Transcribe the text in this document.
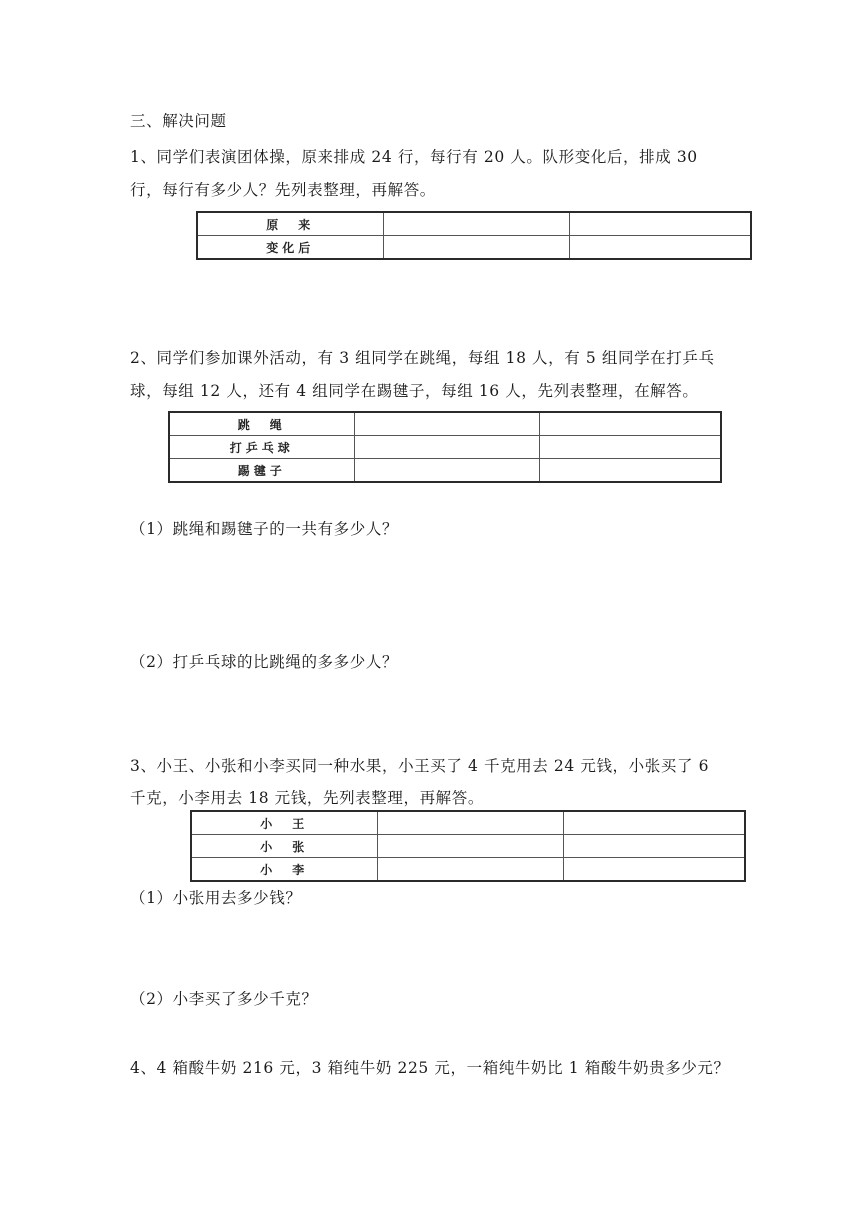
三、解决问题

1、同学们表演团体操，原来排成 24 行，每行有 20 人。队形变化后，排成 30

行，每行有多少人？先列表整理，再解答。

原　来		
变化后		

2、同学们参加课外活动，有 3 组同学在跳绳，每组 18 人，有 5 组同学在打乒乓

球，每组 12 人，还有 4 组同学在踢毽子，每组 16 人，先列表整理，在解答。

跳　绳		
打乒乓球		
踢毽子		

（1）跳绳和踢毽子的一共有多少人？

（2）打乒乓球的比跳绳的多多少人？

3、小王、小张和小李买同一种水果，小王买了 4 千克用去 24 元钱，小张买了 6

千克，小李用去 18 元钱，先列表整理，再解答。

小　王		
小　张		
小　李		

（1）小张用去多少钱？

（2）小李买了多少千克？

4、4 箱酸牛奶 216 元，3 箱纯牛奶 225 元，一箱纯牛奶比 1 箱酸牛奶贵多少元？
